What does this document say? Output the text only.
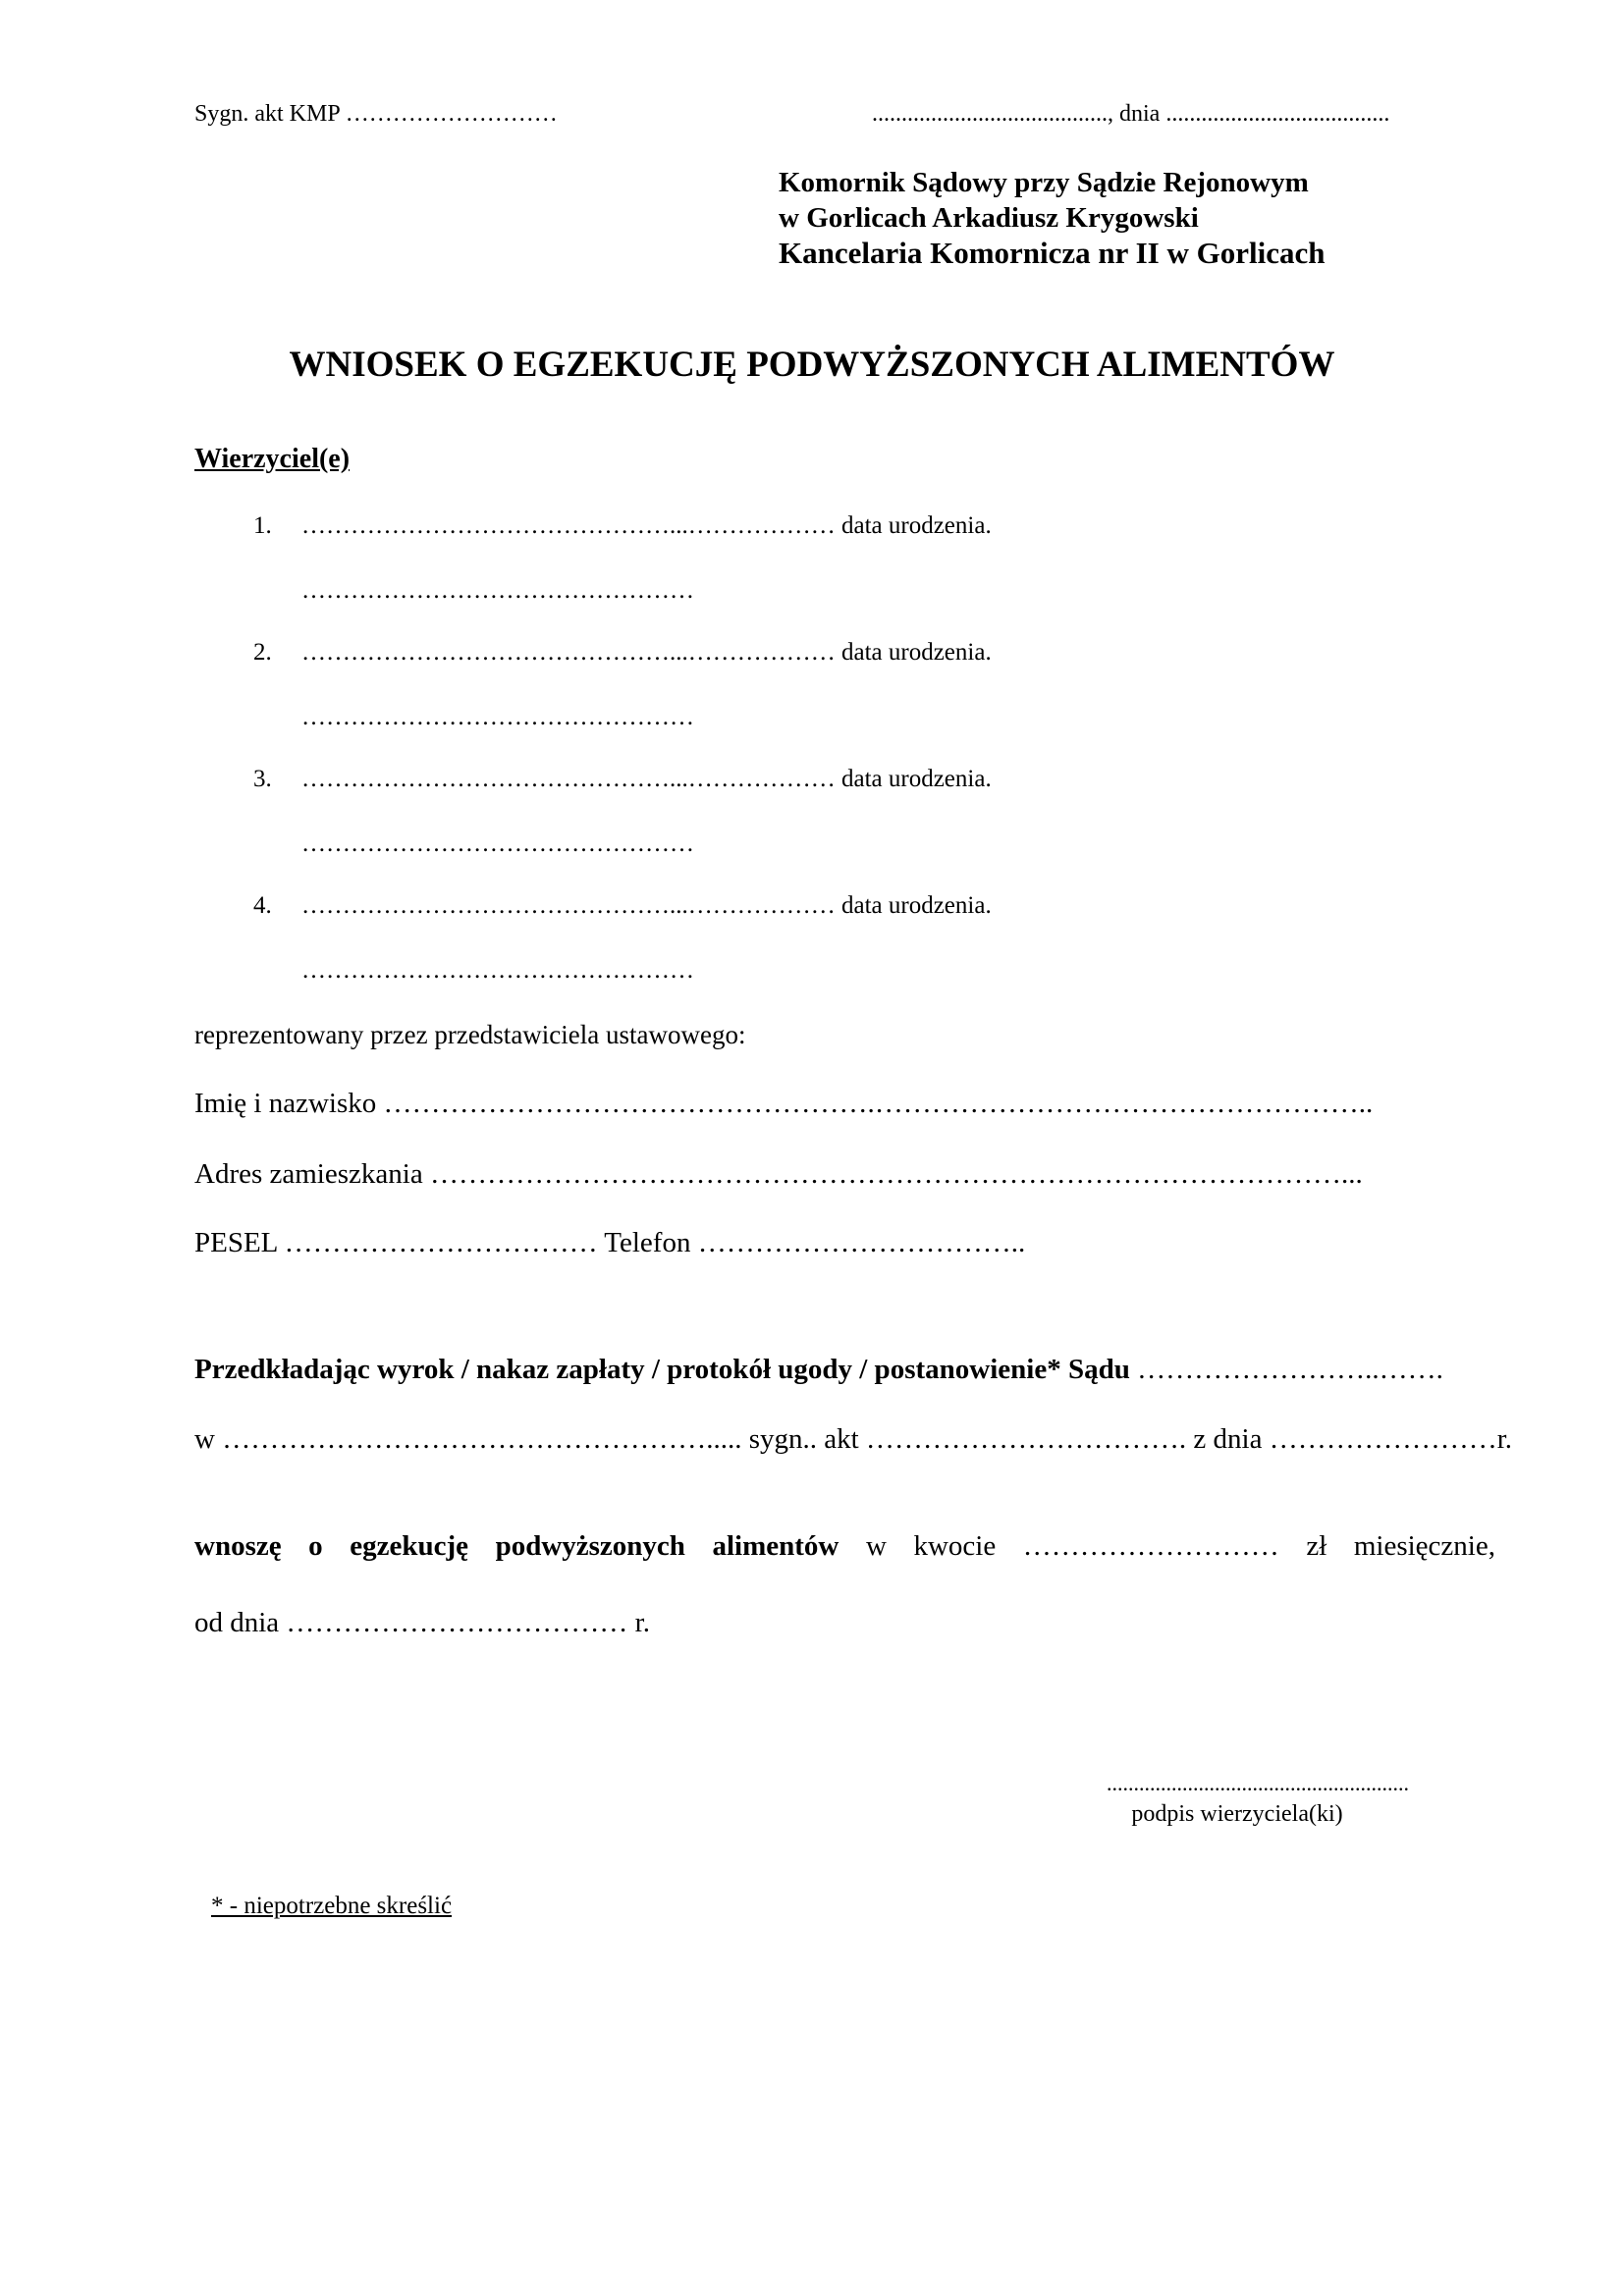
Sygn. akt KMP ………………………	........................................, dnia ......................................
Komornik Sądowy przy Sądzie Rejonowym
w Gorlicach Arkadiusz Krygowski
Kancelaria Komornicza nr II w Gorlicach
WNIOSEK O EGZEKUCJĘ PODWYŻSZONYCH ALIMENTÓW
Wierzyciel(e)
1. ………………………………………...……………… data urodzenia.
…………………………………………
2. ………………………………………...……………… data urodzenia.
…………………………………………
3. ………………………………………...……………… data urodzenia.
…………………………………………
4. ………………………………………...……………… data urodzenia.
…………………………………………
reprezentowany przez przedstawiciela ustawowego:
Imię i nazwisko …………………………………………….……………………………………………..
Adres zamieszkania ……………………………………………………………………………………...
PESEL …………………………… Telefon ……………………………..
Przedkładając wyrok / nakaz zapłaty / protokół ugody / postanowienie* Sądu ……………………..…….
w ……………………………………………..... sygn.. akt ……………………………. z dnia ……………………r.
wnoszę o egzekucję podwyższonych alimentów w kwocie ……………………… zł miesięcznie,
od dnia ……………………………… r.
........................................................
podpis wierzyciela(ki)
* - niepotrzebne skreślić
